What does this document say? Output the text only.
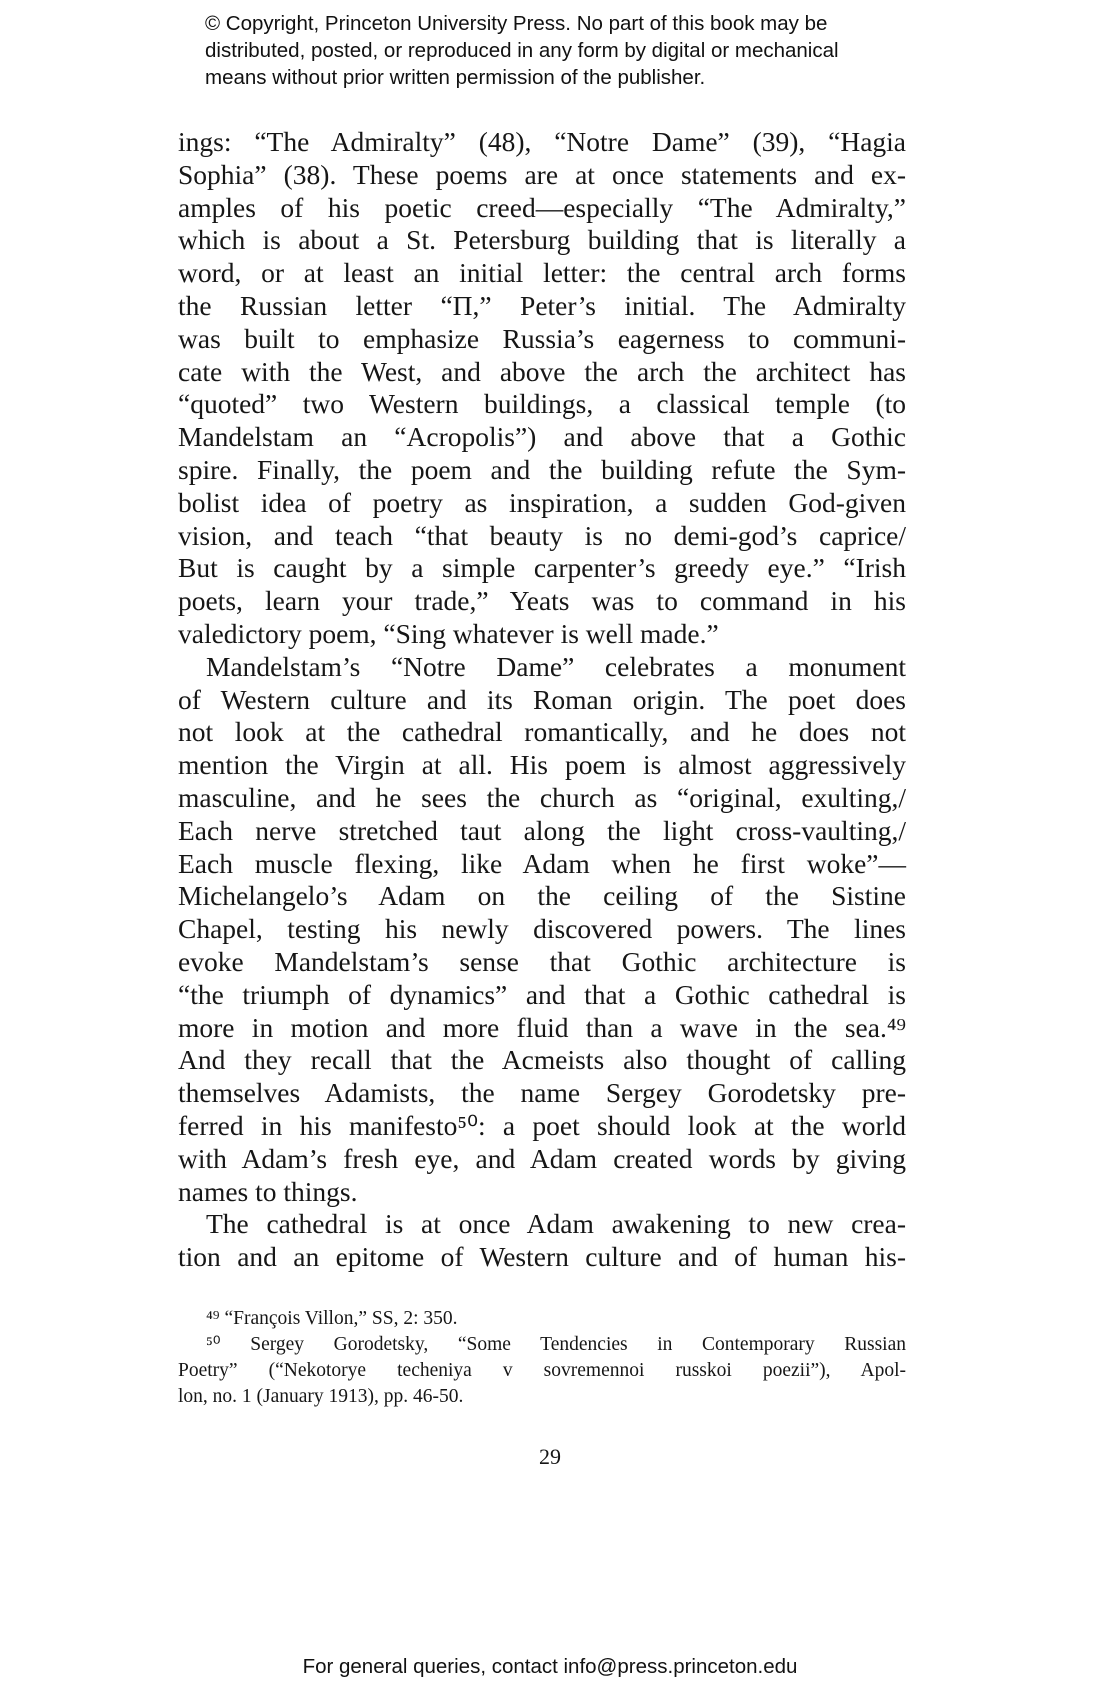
© Copyright, Princeton University Press. No part of this book may be
distributed, posted, or reproduced in any form by digital or mechanical
means without prior written permission of the publisher.
ings: “The Admiralty” (48), “Notre Dame” (39), “Hagia
Sophia” (38). These poems are at once statements and ex-
amples of his poetic creed—especially “The Admiralty,”
which is about a St. Petersburg building that is literally a
word, or at least an initial letter: the central arch forms
the Russian letter “П,” Peter’s initial. The Admiralty
was built to emphasize Russia’s eagerness to communi-
cate with the West, and above the arch the architect has
“quoted” two Western buildings, a classical temple (to
Mandelstam an “Acropolis”) and above that a Gothic
spire. Finally, the poem and the building refute the Sym-
bolist idea of poetry as inspiration, a sudden God-given
vision, and teach “that beauty is no demi-god’s caprice/
But is caught by a simple carpenter’s greedy eye.” “Irish
poets, learn your trade,” Yeats was to command in his
valedictory poem, “Sing whatever is well made.”
Mandelstam’s “Notre Dame” celebrates a monument
of Western culture and its Roman origin. The poet does
not look at the cathedral romantically, and he does not
mention the Virgin at all. His poem is almost aggressively
masculine, and he sees the church as “original, exulting,/
Each nerve stretched taut along the light cross-vaulting,/
Each muscle flexing, like Adam when he first woke”—
Michelangelo’s Adam on the ceiling of the Sistine
Chapel, testing his newly discovered powers. The lines
evoke Mandelstam’s sense that Gothic architecture is
“the triumph of dynamics” and that a Gothic cathedral is
more in motion and more fluid than a wave in the sea.⁴⁹
And they recall that the Acmeists also thought of calling
themselves Adamists, the name Sergey Gorodetsky pre-
ferred in his manifesto⁵⁰: a poet should look at the world
with Adam’s fresh eye, and Adam created words by giving
names to things.
The cathedral is at once Adam awakening to new crea-
tion and an epitome of Western culture and of human his-
⁴⁹ “François Villon,” SS, 2: 350.
⁵⁰ Sergey Gorodetsky, “Some Tendencies in Contemporary Russian
Poetry” (“Nekotorye techeniya v sovremennoi russkoi poezii”), Apol-
lon, no. 1 (January 1913), pp. 46-50.
29
For general queries, contact info@press.princeton.edu
